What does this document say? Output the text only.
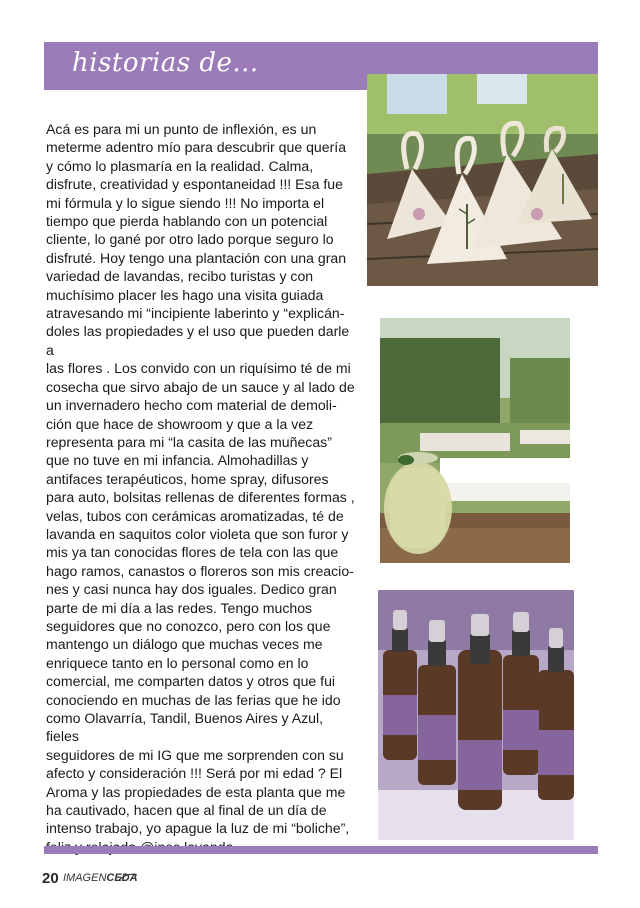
historias de...

Acá es para mi un punto de inflexión, es un
meterme adentro mío para descubrir que quería
y cómo lo plasmaría en la realidad. Calma,
disfrute, creatividad y espontaneidad !!! Esa fue
mi fórmula y lo sigue siendo !!! No importa el
tiempo que pierda hablando con un potencial
cliente, lo gané por otro lado porque seguro lo
disfruté. Hoy tengo una plantación con una gran
variedad de lavandas, recibo turistas y con
muchísimo placer les hago una visita guiada
atravesando mi “incipiente laberinto y “explicán-
doles las propiedades y el uso que pueden darle a
las flores . Los convido con un riquísimo té de mi
cosecha que sirvo abajo de un sauce y al lado de
un invernadero hecho com material de demoli-
ción que hace de showroom y que a la vez
representa para mi “la casita de las muñecas”
que no tuve en mi infancia. Almohadillas y
antifaces terapéuticos, home spray, difusores
para auto, bolsitas rellenas de diferentes formas ,
velas, tubos con cerámicas aromatizadas, té de
lavanda en saquitos color violeta que son furor y
mis ya tan conocidas flores de tela con las que
hago ramos, canastos o floreros son mis creacio-
nes y casi nunca hay dos iguales. Dedico gran
parte de mi día a las redes. Tengo muchos
seguidores que no conozco, pero con los que
mantengo un diálogo que muchas veces me
enriquece tanto en lo personal como en lo
comercial, me comparten datos y otros que fui
conociendo en muchas de las ferias que he ido
como Olavarría, Tandil, Buenos Aires y Azul, fieles
seguidores de mi IG que me sorprenden con su
afecto y consideración !!! Será por mi edad ? El
Aroma y las propiedades de esta planta que me
ha cautivado, hacen que al final de un día de
intenso trabajo, yo apague la luz de mi “boliche”,

20 IMAGENCEDA
